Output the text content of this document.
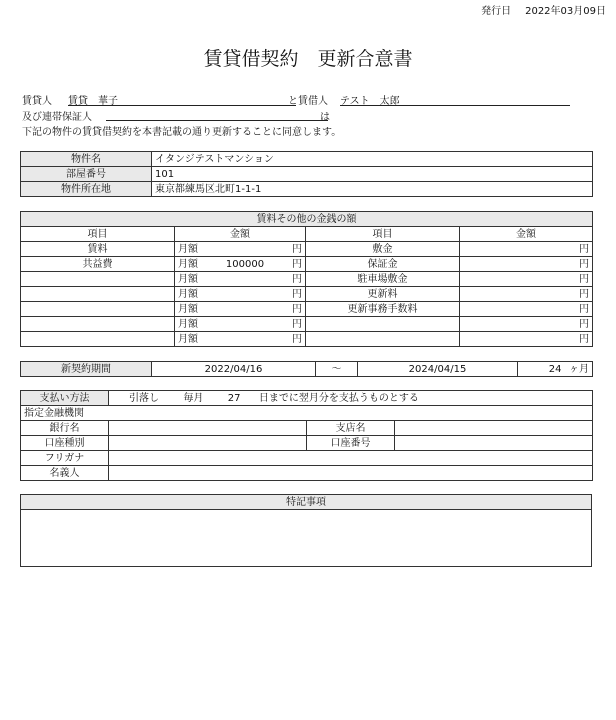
発行日 2022年03月09日
賃貸借契約　更新合意書
賃貸人 賃貸　華子	と賃借人 テスト　太郎
及び連帯保証人	は
下記の物件の賃貸借契約を本書記載の通り更新することに同意します。
物件名	イタンジテストマンション
部屋番号	101
物件所在地	東京都練馬区北町1-1-1
賃料その他の金銭の額			
項目	金額	項目	金額
賃料	月額 円	敷金	円
共益費	月額 100000 円	保証金	円

	月額 円	駐車場敷金	円

	月額 円	更新料	円

	月額 円	更新事務手数料	円

	月額 円		円

	月額 円		円
新契約期間	2022/04/16	〜	2024/04/15	24	ヶ月
支払い方法	引落し 毎月 27 日までに翌月分を支払うものとする		
指定金融機関			
銀行名		支店名	
口座種別		口座番号	
フリガナ			
名義人			
特記事項
